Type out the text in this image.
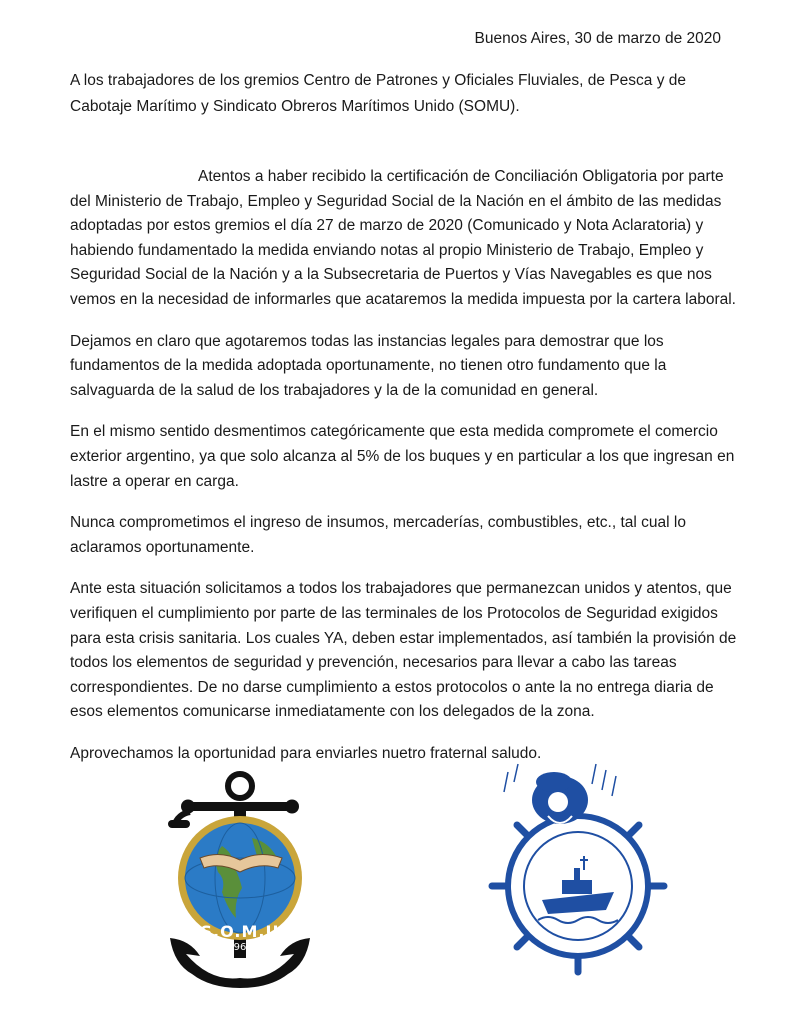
Buenos Aires, 30 de marzo de 2020
A los trabajadores de los gremios Centro de Patrones y Oficiales Fluviales, de Pesca y de Cabotaje Marítimo y Sindicato Obreros Marítimos Unido (SOMU).

Atentos a haber recibido la certificación de Conciliación Obligatoria por parte del Ministerio de Trabajo, Empleo y Seguridad Social de la Nación en el ámbito de las medidas adoptadas por estos gremios el día 27 de marzo de 2020 (Comunicado y Nota Aclaratoria) y habiendo fundamentado la medida enviando notas al propio Ministerio de Trabajo, Empleo y Seguridad Social de la Nación y a la Subsecretaria de Puertos y Vías Navegables es que nos vemos en la necesidad de informarles que acataremos la medida impuesta por la cartera laboral.

Dejamos en claro que agotaremos todas las instancias legales para demostrar que los fundamentos de la medida adoptada oportunamente, no tienen otro fundamento que la salvaguarda de la salud de los trabajadores y la de la comunidad en general.

En el mismo sentido desmentimos categóricamente que esta medida compromete el comercio exterior argentino, ya que solo alcanza al 5% de los buques y en particular a los que ingresan en lastre a operar en carga.

Nunca comprometimos el ingreso de insumos, mercaderías, combustibles, etc., tal cual lo aclaramos oportunamente.

Ante esta situación solicitamos a todos los trabajadores que permanezcan unidos y atentos, que verifiquen el cumplimiento por parte de las terminales de los Protocolos de Seguridad exigidos para esta crisis sanitaria. Los cuales YA, deben estar implementados, así también la provisión de todos los elementos de seguridad y prevención, necesarios para llevar a cabo las tareas correspondientes. De no darse cumplimiento a estos protocolos o ante la no entrega diaria de esos elementos comunicarse inmediatamente con los delegados de la zona.

Aprovechamos la oportunidad para enviarles nuetro fraternal saludo.

S.O.M.U
1963
